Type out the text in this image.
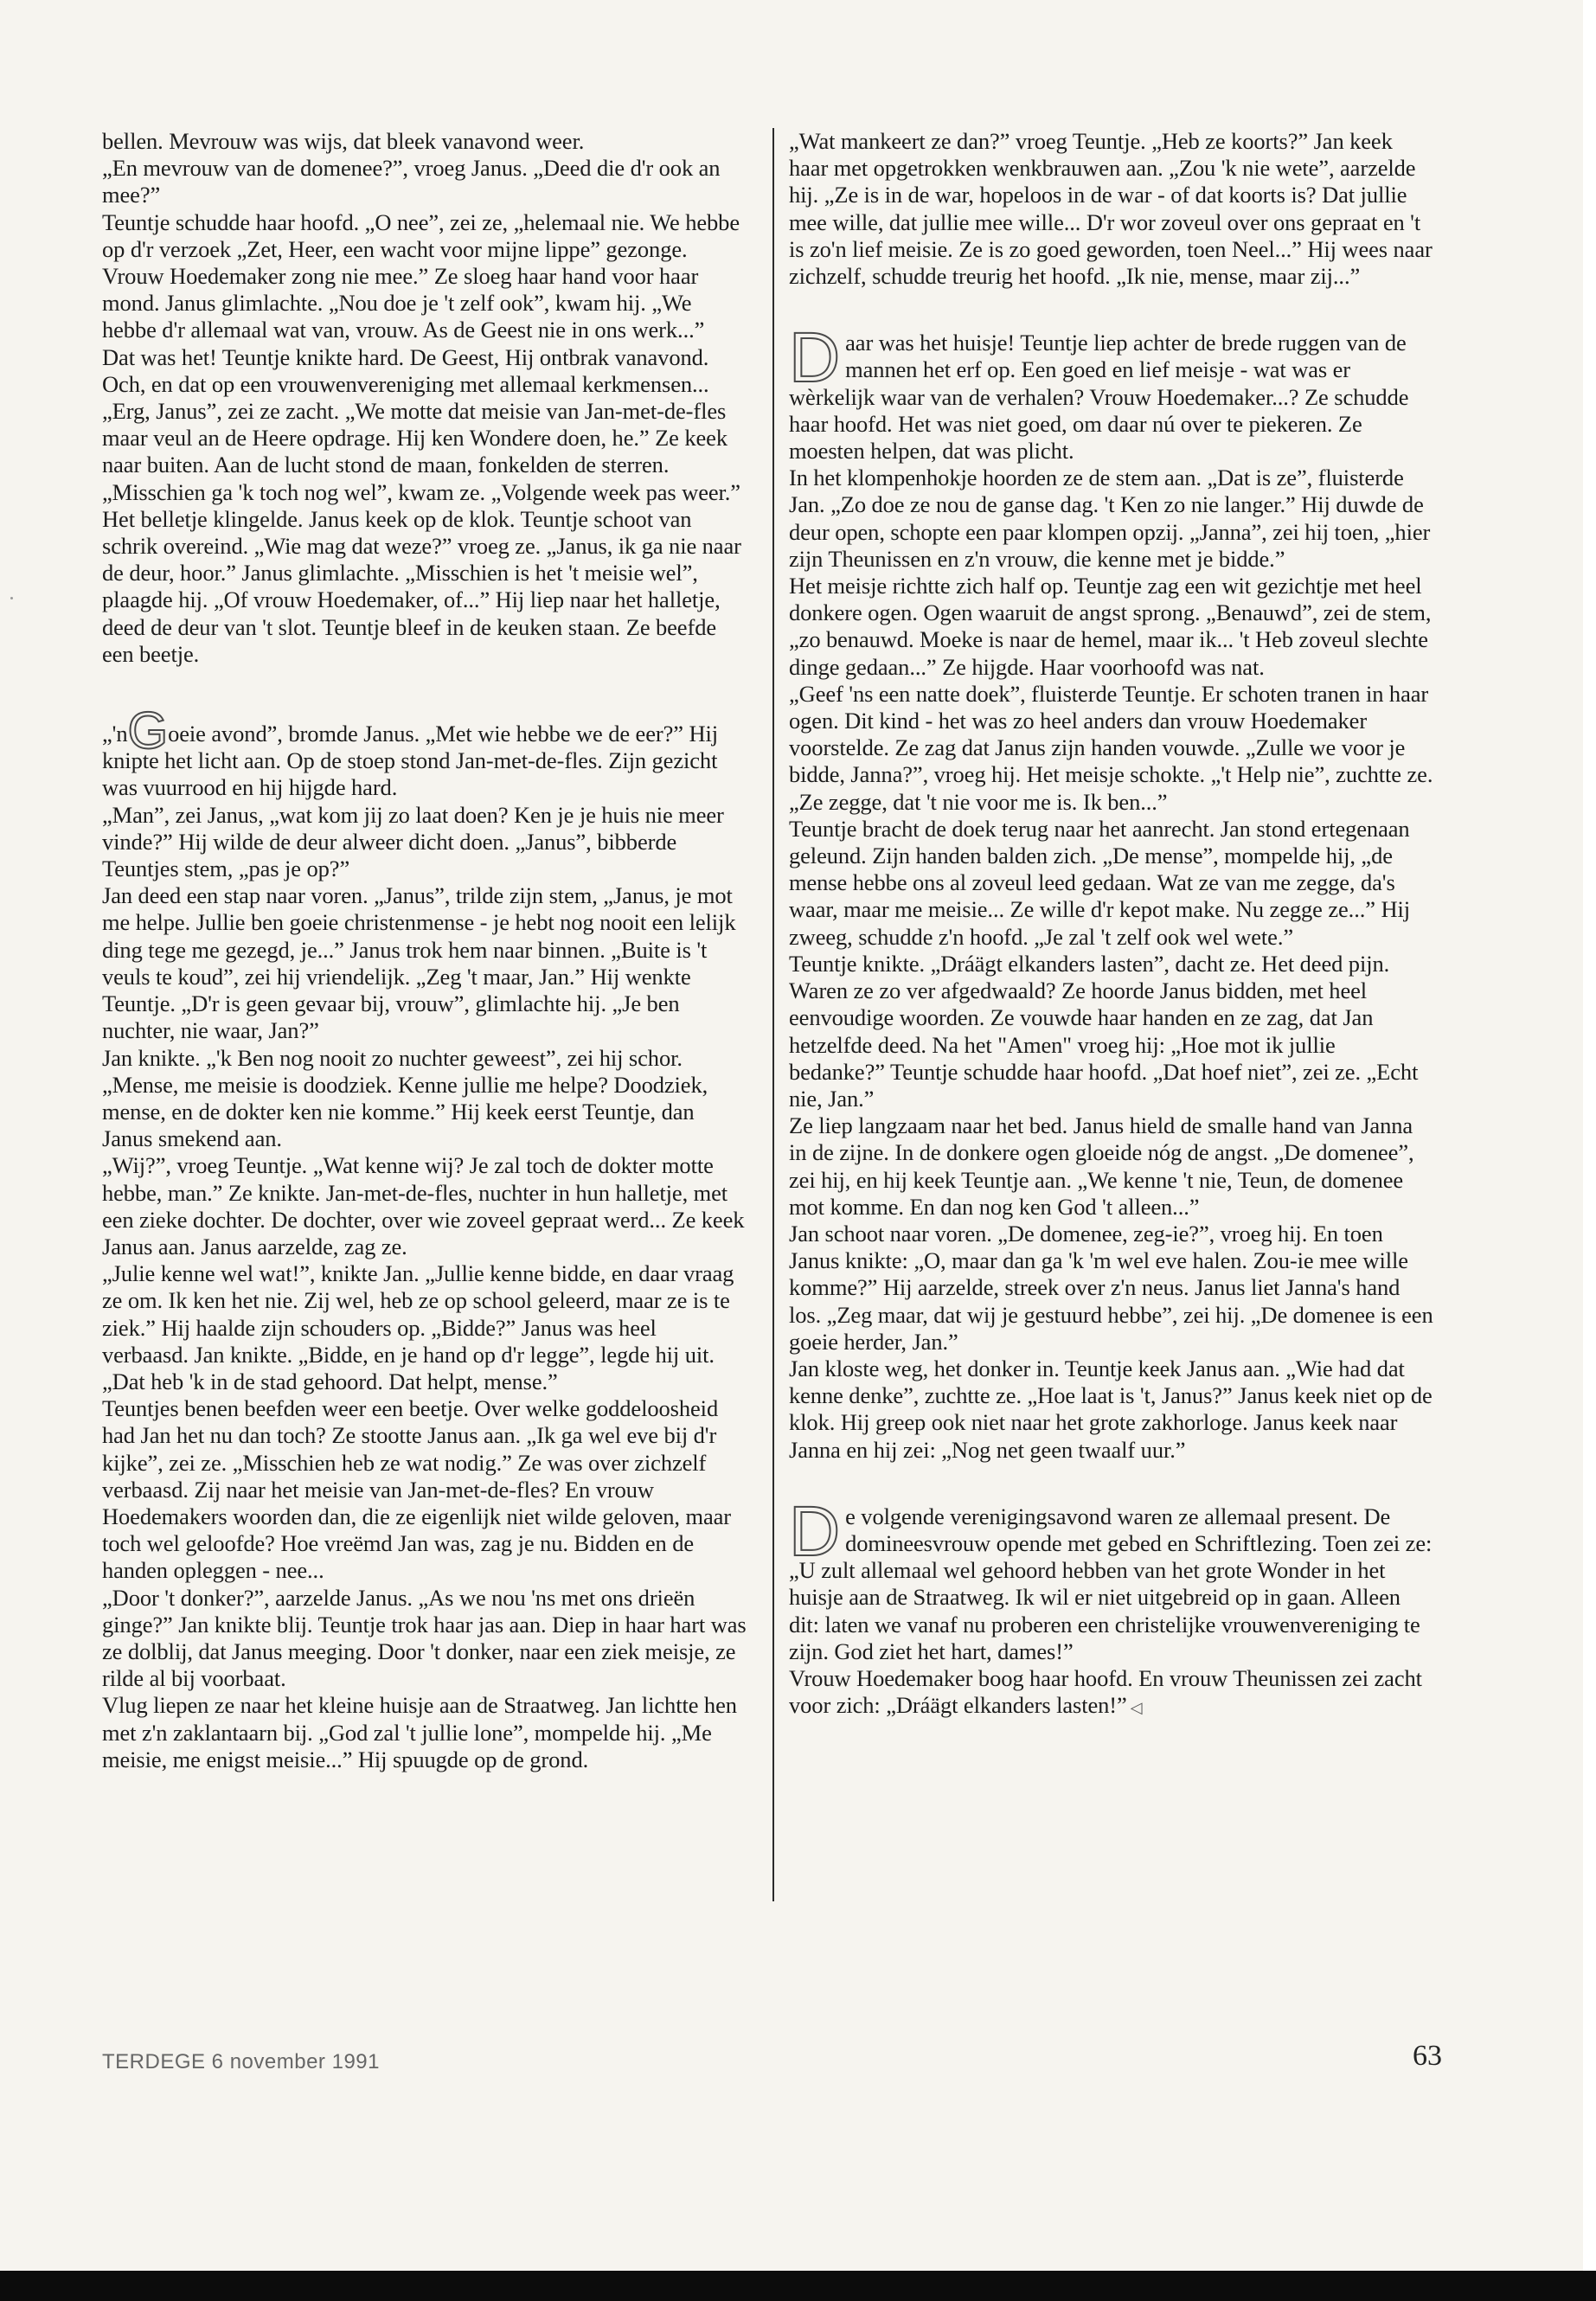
bellen. Mevrouw was wijs, dat bleek vanavond weer.

„En mevrouw van de domenee?”, vroeg Janus. „Deed die d'r ook an mee?”

Teuntje schudde haar hoofd. „O nee”, zei ze, „helemaal nie. We hebbe op d'r verzoek „Zet, Heer, een wacht voor mijne lippe” gezonge. Vrouw Hoedemaker zong nie mee.” Ze sloeg haar hand voor haar mond. Janus glimlachte. „Nou doe je 't zelf ook”, kwam hij. „We hebbe d'r allemaal wat van, vrouw. As de Geest nie in ons werk...”

Dat was het! Teuntje knikte hard. De Geest, Hij ontbrak vanavond. Och, en dat op een vrouwenvereniging met allemaal kerkmensen... „Erg, Janus”, zei ze zacht. „We motte dat meisie van Jan-met-de-fles maar veul an de Heere opdrage. Hij ken Wondere doen, he.” Ze keek naar buiten. Aan de lucht stond de maan, fonkelden de sterren. „Misschien ga 'k toch nog wel”, kwam ze. „Volgende week pas weer.”

Het belletje klingelde. Janus keek op de klok. Teuntje schoot van schrik overeind. „Wie mag dat weze?” vroeg ze. „Janus, ik ga nie naar de deur, hoor.” Janus glimlachte. „Misschien is het 't meisie wel”, plaagde hij. „Of vrouw Hoedemaker, of...” Hij liep naar het halletje, deed de deur van 't slot. Teuntje bleef in de keuken staan. Ze beefde een beetje.

„'nGoeie avond”, bromde Janus. „Met wie hebbe we de eer?” Hij knipte het licht aan. Op de stoep stond Jan-met-de-fles. Zijn gezicht was vuurrood en hij hijgde hard.

„Man”, zei Janus, „wat kom jij zo laat doen? Ken je je huis nie meer vinde?” Hij wilde de deur alweer dicht doen. „Janus”, bibberde Teuntjes stem, „pas je op?”

Jan deed een stap naar voren. „Janus”, trilde zijn stem, „Janus, je mot me helpe. Jullie ben goeie christenmense - je hebt nog nooit een lelijk ding tege me gezegd, je...” Janus trok hem naar binnen. „Buite is 't veuls te koud”, zei hij vriendelijk. „Zeg 't maar, Jan.” Hij wenkte Teuntje. „D'r is geen gevaar bij, vrouw”, glimlachte hij. „Je ben nuchter, nie waar, Jan?”

Jan knikte. „'k Ben nog nooit zo nuchter geweest”, zei hij schor. „Mense, me meisie is doodziek. Kenne jullie me helpe? Doodziek, mense, en de dokter ken nie komme.” Hij keek eerst Teuntje, dan Janus smekend aan.

„Wij?”, vroeg Teuntje. „Wat kenne wij? Je zal toch de dokter motte hebbe, man.” Ze knikte. Jan-met-de-fles, nuchter in hun halletje, met een zieke dochter. De dochter, over wie zoveel gepraat werd... Ze keek Janus aan. Janus aarzelde, zag ze.

„Julie kenne wel wat!”, knikte Jan. „Jullie kenne bidde, en daar vraag ze om. Ik ken het nie. Zij wel, heb ze op school geleerd, maar ze is te ziek.” Hij haalde zijn schouders op. „Bidde?” Janus was heel verbaasd. Jan knikte. „Bidde, en je hand op d'r legge”, legde hij uit. „Dat heb 'k in de stad gehoord. Dat helpt, mense.”

Teuntjes benen beefden weer een beetje. Over welke goddeloosheid had Jan het nu dan toch? Ze stootte Janus aan. „Ik ga wel eve bij d'r kijke”, zei ze. „Misschien heb ze wat nodig.” Ze was over zichzelf verbaasd. Zij naar het meisie van Jan-met-de-fles? En vrouw Hoedemakers woorden dan, die ze eigenlijk niet wilde geloven, maar toch wel geloofde? Hoe vreëmd Jan was, zag je nu. Bidden en de handen opleggen - nee...

„Door 't donker?”, aarzelde Janus. „As we nou 'ns met ons drieën ginge?” Jan knikte blij. Teuntje trok haar jas aan. Diep in haar hart was ze dolblij, dat Janus meeging. Door 't donker, naar een ziek meisje, ze rilde al bij voorbaat.

Vlug liepen ze naar het kleine huisje aan de Straatweg. Jan lichtte hen met z'n zaklantaarn bij. „God zal 't jullie lone”, mompelde hij. „Me meisie, me enigst meisie...” Hij spuugde op de grond.

„Wat mankeert ze dan?” vroeg Teuntje. „Heb ze koorts?” Jan keek haar met opgetrokken wenkbrauwen aan. „Zou 'k nie wete”, aarzelde hij. „Ze is in de war, hopeloos in de war - of dat koorts is? Dat jullie mee wille, dat jullie mee wille... D'r wor zoveul over ons gepraat en 't is zo'n lief meisie. Ze is zo goed geworden, toen Neel...” Hij wees naar zichzelf, schudde treurig het hoofd. „Ik nie, mense, maar zij...”

Daar was het huisje! Teuntje liep achter de brede ruggen van de mannen het erf op. Een goed en lief meisje - wat was er wèrkelijk waar van de verhalen? Vrouw Hoedemaker...? Ze schudde haar hoofd. Het was niet goed, om daar nú over te piekeren. Ze moesten helpen, dat was plicht.

In het klompenhokje hoorden ze de stem aan. „Dat is ze”, fluisterde Jan. „Zo doe ze nou de ganse dag. 't Ken zo nie langer.” Hij duwde de deur open, schopte een paar klompen opzij. „Janna”, zei hij toen, „hier zijn Theunissen en z'n vrouw, die kenne met je bidde.”

Het meisje richtte zich half op. Teuntje zag een wit gezichtje met heel donkere ogen. Ogen waaruit de angst sprong. „Benauwd”, zei de stem, „zo benauwd. Moeke is naar de hemel, maar ik... 't Heb zoveul slechte dinge gedaan...” Ze hijgde. Haar voorhoofd was nat.

„Geef 'ns een natte doek”, fluisterde Teuntje. Er schoten tranen in haar ogen. Dit kind - het was zo heel anders dan vrouw Hoedemaker voorstelde. Ze zag dat Janus zijn handen vouwde. „Zulle we voor je bidde, Janna?”, vroeg hij. Het meisje schokte. „'t Help nie”, zuchtte ze. „Ze zegge, dat 't nie voor me is. Ik ben...”

Teuntje bracht de doek terug naar het aanrecht. Jan stond ertegenaan geleund. Zijn handen balden zich. „De mense”, mompelde hij, „de mense hebbe ons al zoveul leed gedaan. Wat ze van me zegge, da's waar, maar me meisie... Ze wille d'r kepot make. Nu zegge ze...” Hij zweeg, schudde z'n hoofd. „Je zal 't zelf ook wel wete.”

Teuntje knikte. „Dráägt elkanders lasten”, dacht ze. Het deed pijn. Waren ze zo ver afgedwaald? Ze hoorde Janus bidden, met heel eenvoudige woorden. Ze vouwde haar handen en ze zag, dat Jan hetzelfde deed. Na het "Amen" vroeg hij: „Hoe mot ik jullie bedanke?” Teuntje schudde haar hoofd. „Dat hoef niet”, zei ze. „Echt nie, Jan.”

Ze liep langzaam naar het bed. Janus hield de smalle hand van Janna in de zijne. In de donkere ogen gloeide nóg de angst. „De domenee”, zei hij, en hij keek Teuntje aan. „We kenne 't nie, Teun, de domenee mot komme. En dan nog ken God 't alleen...”

Jan schoot naar voren. „De domenee, zeg-ie?”, vroeg hij. En toen Janus knikte: „O, maar dan ga 'k 'm wel eve halen. Zou-ie mee wille komme?” Hij aarzelde, streek over z'n neus. Janus liet Janna's hand los. „Zeg maar, dat wij je gestuurd hebbe”, zei hij. „De domenee is een goeie herder, Jan.”

Jan kloste weg, het donker in. Teuntje keek Janus aan. „Wie had dat kenne denke”, zuchtte ze. „Hoe laat is 't, Janus?” Janus keek niet op de klok. Hij greep ook niet naar het grote zakhorloge. Janus keek naar Janna en hij zei: „Nog net geen twaalf uur.”

De volgende verenigingsavond waren ze allemaal present. De domineesvrouw opende met gebed en Schriftlezing. Toen zei ze: „U zult allemaal wel gehoord hebben van het grote Wonder in het huisje aan de Straatweg. Ik wil er niet uitgebreid op in gaan. Alleen dit: laten we vanaf nu proberen een christelijke vrouwenvereniging te zijn. God ziet het hart, dames!”

Vrouw Hoedemaker boog haar hoofd. En vrouw Theunissen zei zacht voor zich: „Dráägt elkanders lasten!” ◁

TERDEGE 6 november 1991	63
